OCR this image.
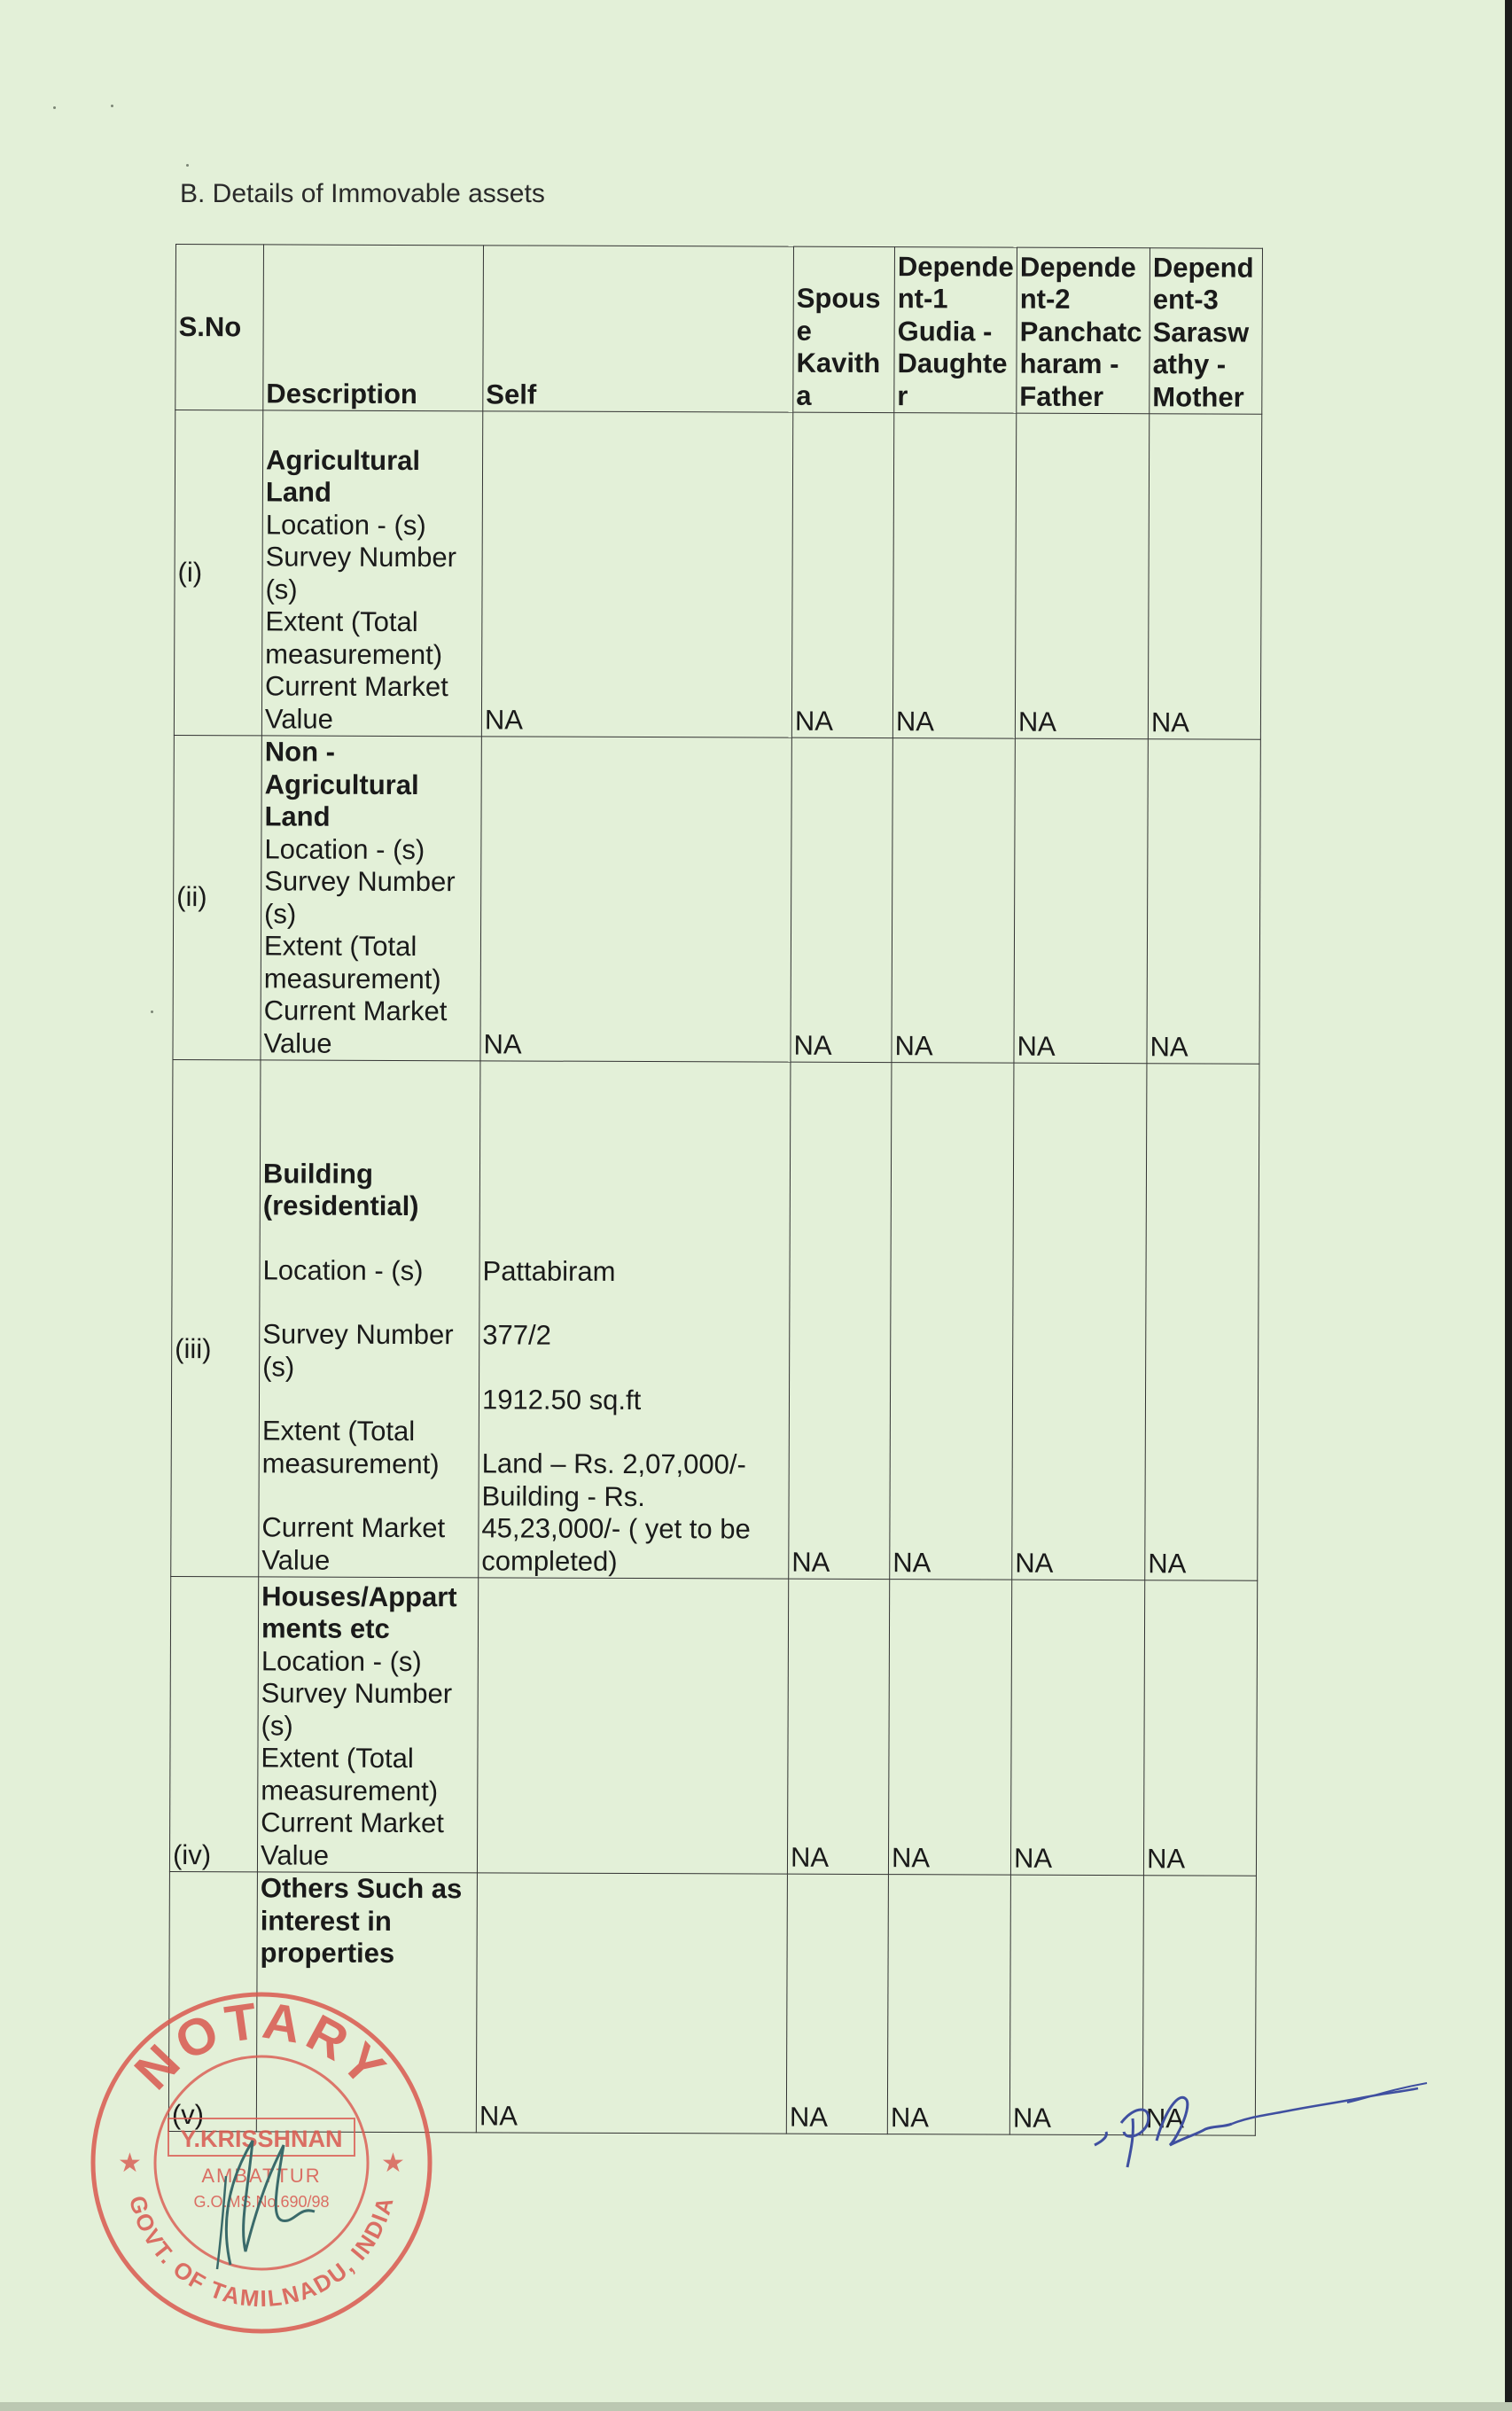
B. Details of Immovable assets
S.No	Description	Self	Spouse Kavitha	Dependent-1 Gudia - Daughter	Dependent-2 Panchatcharam - Father	Dependent-3 Saraswathy - Mother
(i)	Agricultural Land
Location - (s)
Survey Number (s)
Extent (Total measurement)
Current Market Value	NA	NA	NA	NA	NA
(ii)	Non - Agricultural Land
Location - (s)
Survey Number (s)
Extent (Total measurement)
Current Market Value	NA	NA	NA	NA	NA
(iii)	Building (residential)
Location - (s)
Survey Number (s)
Extent (Total measurement)
Current Market Value	Pattabiram
377/2
1912.50 sq.ft
Land – Rs. 2,07,000/-
Building - Rs. 45,23,000/- ( yet to be completed)	NA	NA	NA	NA
(iv)	Houses/Appartments etc
Location - (s)
Survey Number (s)
Extent (Total measurement)
Current Market Value		NA	NA	NA	NA
(v)	Others Such as interest in properties	NA	NA	NA	NA	NA
NOTARY
GOVT. OF TAMILNADU, INDIA
★	★
Y.KRISSHNAN
AMBATTUR
G.O.MS.No.690/98
